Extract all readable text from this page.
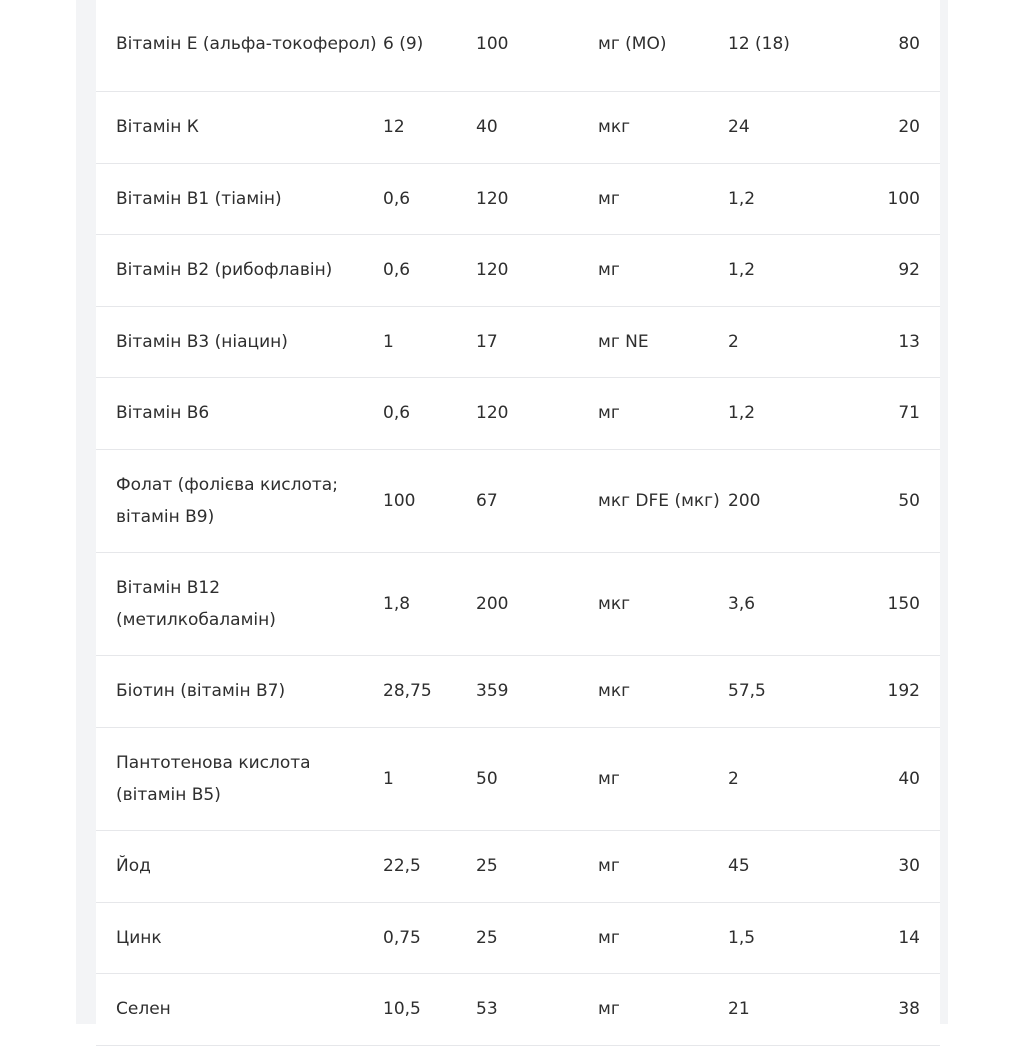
Вітамін Е (альфа-токоферол)	6 (9)	100	мг (МО)	12 (18)	80
Вітамін К	12	40	мкг	24	20
Вітамін В1 (тіамін)	0,6	120	мг	1,2	100
Вітамін В2 (рибофлавін)	0,6	120	мг	1,2	92
Вітамін В3 (ніацин)	1	17	мг NE	2	13
Вітамін В6	0,6	120	мг	1,2	71
Фолат (фолієва кислота; вітамін В9)	100	67	мкг DFE (мкг)	200	50
Вітамін В12 (метилкобаламін)	1,8	200	мкг	3,6	150
Біотин (вітамін В7)	28,75	359	мкг	57,5	192
Пантотенова кислота (вітамін В5)	1	50	мг	2	40
Йод	22,5	25	мг	45	30
Цинк	0,75	25	мг	1,5	14
Селен	10,5	53	мг	21	38
